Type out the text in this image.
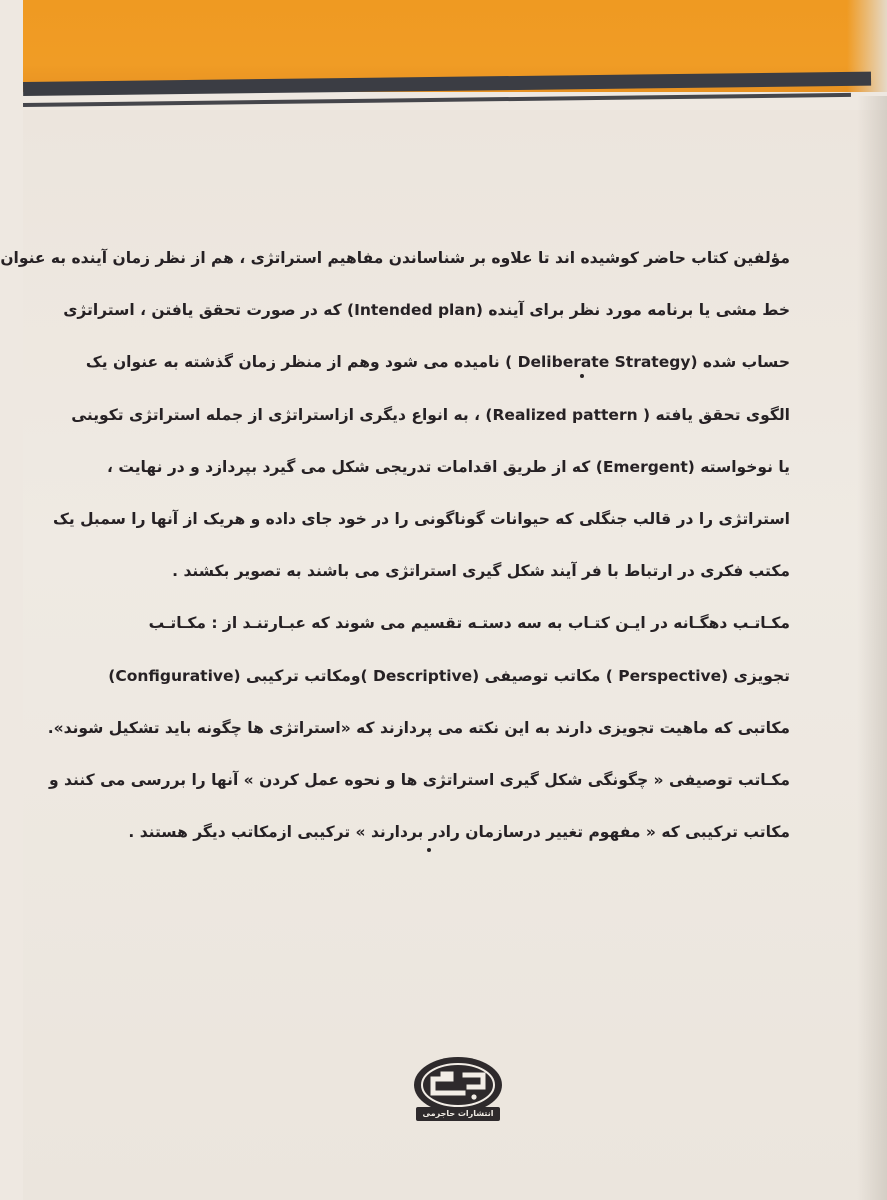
مؤلفین کتاب حاضر کوشیده اند تا علاوه بر شناساندن مفاهیم استراتژی ، هم از نظر زمان آینده به عنوان
خط مشی یا برنامه مورد نظر برای آینده (Intended plan) که در صورت تحقق یافتن ، استراتژی
حساب شده (Deliberate Strategy ) نامیده می شود وهم از منظر زمان گذشته به عنوان یک
الگوی تحقق یافته ( Realized pattern) ، به انواع دیگری ازاستراتژی از جمله استراتژی تکوینی
یا نوخواسته (Emergent) که از طریق اقدامات تدریجی شکل می گیرد بپردازد و در نهایت ،
استراتژی را در قالب جنگلی که حیوانات گوناگونی را در خود جای داده و هریک از آنها را سمبل یک
مکتب فکری در ارتباط با فر آیند شکل گیری استراتژی می باشند به تصویر بکشند .
مکـاتـب دهگـانه در ایـن کتـاب به سه دستـه تقسیم می شوند که عبـارتنـد از : مکـاتـب
تجویزی (Perspective ) مکاتب توصیفی (Descriptive )ومکاتب ترکیبی (Configurative)
مکاتبی که ماهیت تجویزی دارند به این نکته می پردازند که «استراتژی ها چگونه باید تشکیل شوند».
مکـاتب توصیفی « چگونگی شکل گیری استراتژی ها و نحوه عمل کردن » آنها را بررسی می کنند و
مکاتب ترکیبی که « مفهوم تغییر درسازمان رادر بردارند » ترکیبی ازمکاتب دیگر هستند .
انتشارات حاجرمی
